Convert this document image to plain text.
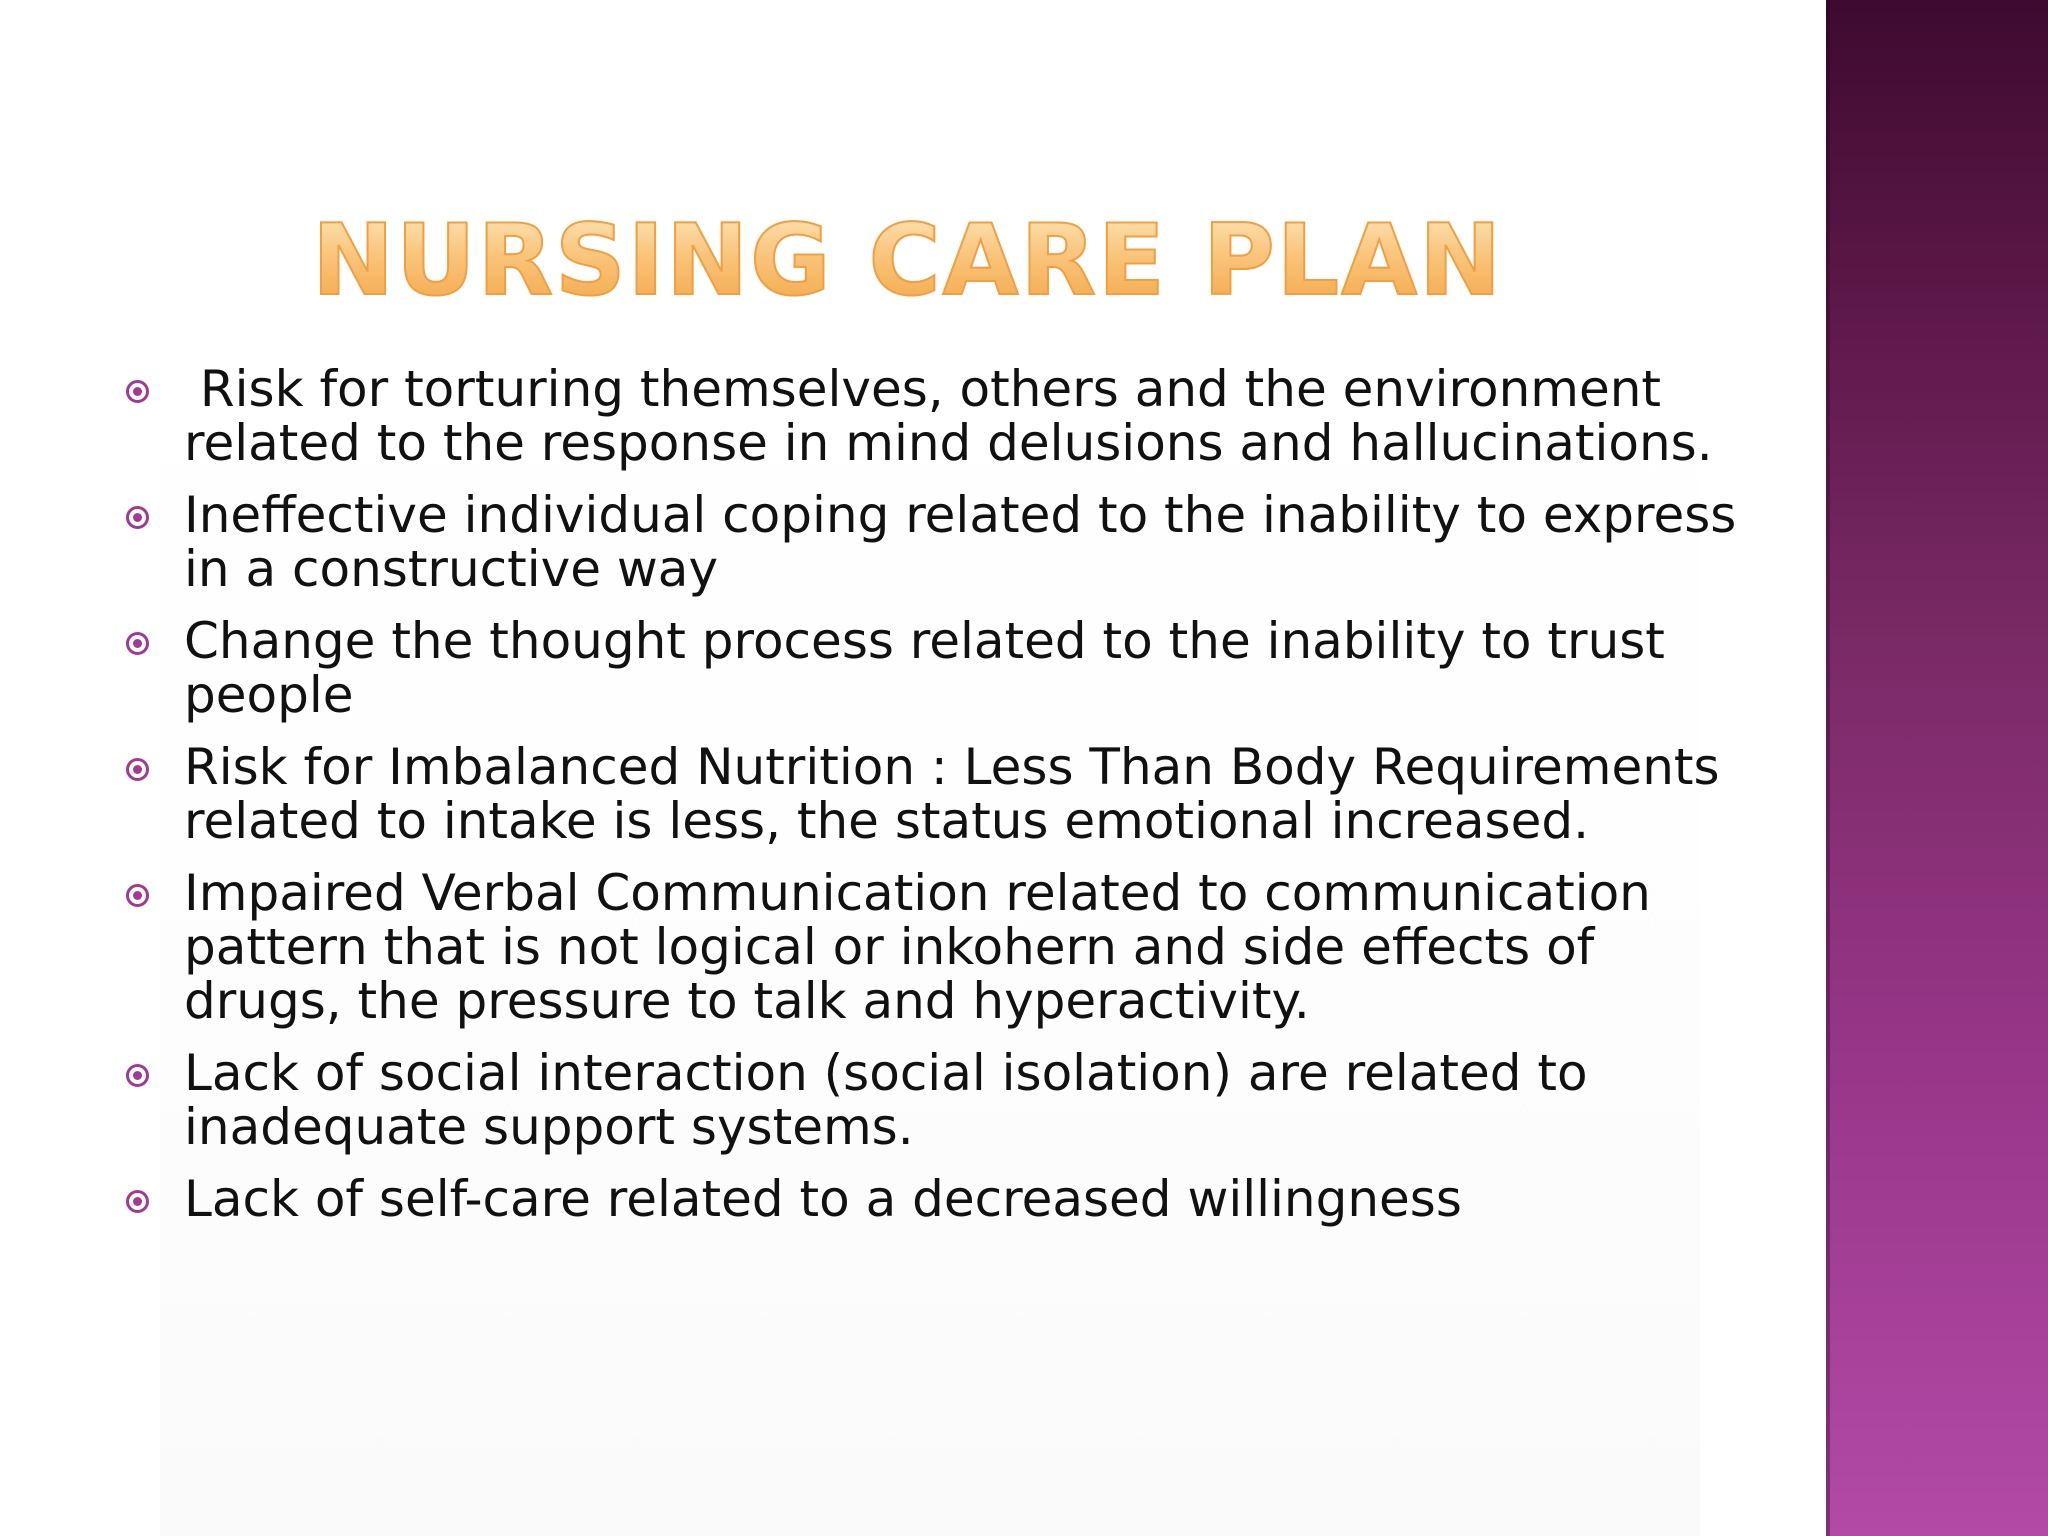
NURSING CARE PLAN
Risk for torturing themselves, others and the environment related to the response in mind delusions and hallucinations.
Ineffective individual coping related to the inability to express in a constructive way
Change the thought process related to the inability to trust people
Risk for Imbalanced Nutrition : Less Than Body Requirements related to intake is less, the status emotional increased.
Impaired Verbal Communication related to communication pattern that is not logical or inkohern and side effects of drugs, the pressure to talk and hyperactivity.
Lack of social interaction (social isolation) are related to inadequate support systems.
Lack of self-care related to a decreased willingness
